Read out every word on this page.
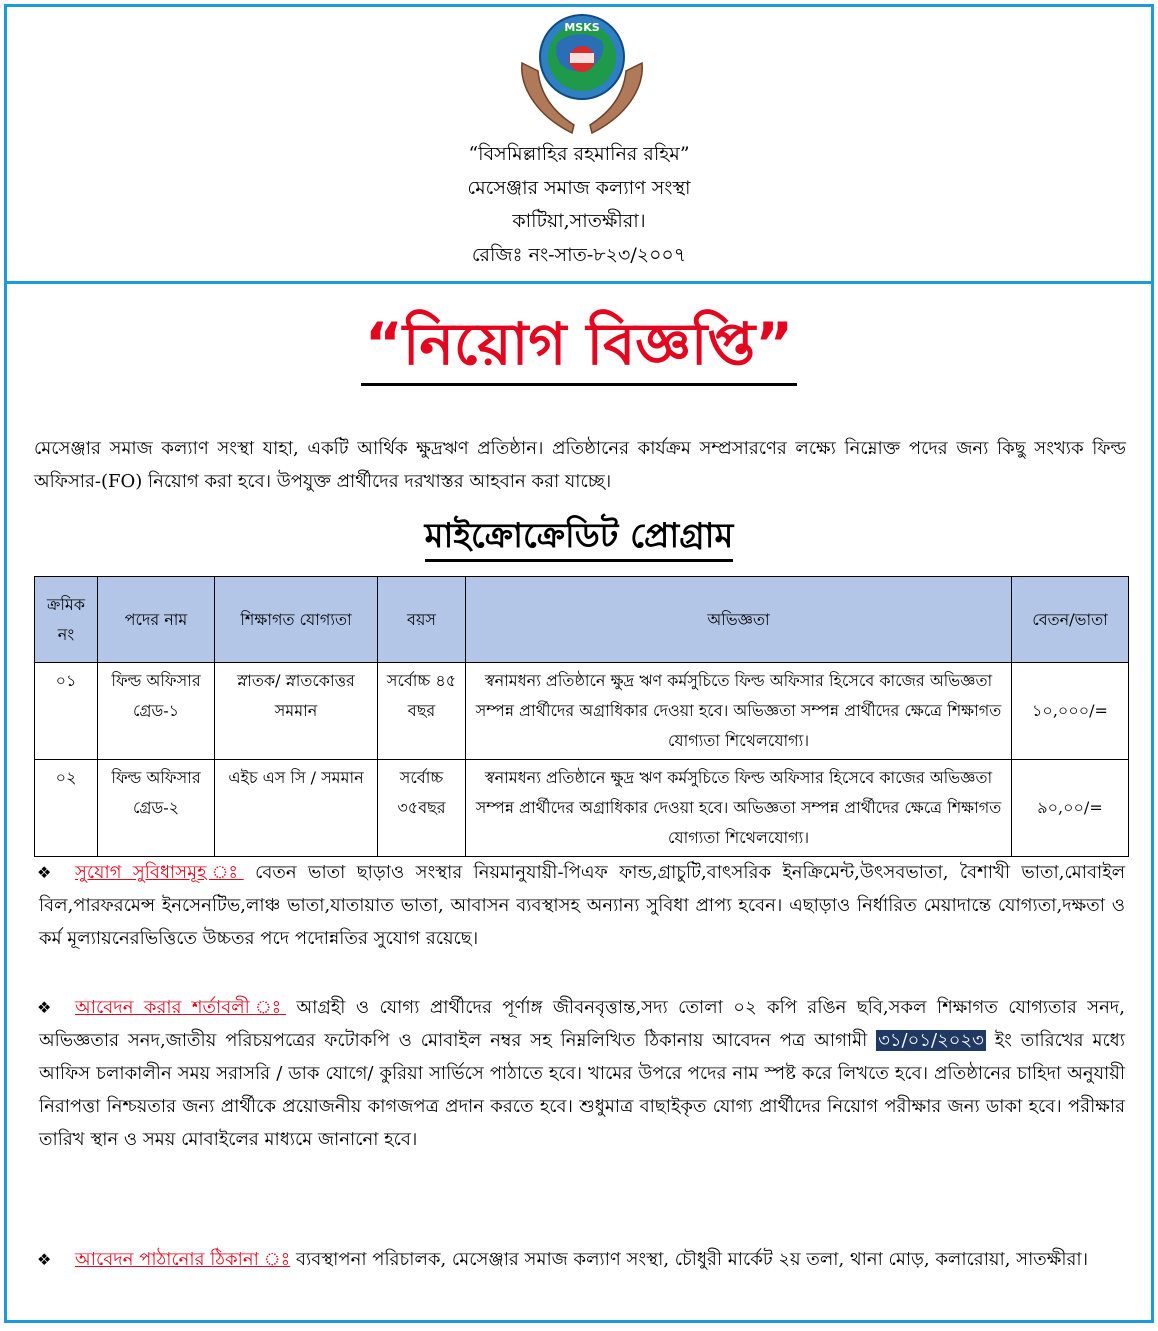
MSKS
“বিসমিল্লাহির রহমানির রহিম”
মেসেঞ্জার সমাজ কল্যাণ সংস্থা
কাটিয়া,সাতক্ষীরা।
রেজিঃ নং-সাত-৮২৩/২০০৭
“নিয়োগ বিজ্ঞপ্তি”
মেসেঞ্জার সমাজ কল্যাণ সংস্থা যাহা, একটি আর্থিক ক্ষুদ্রঋণ প্রতিষ্ঠান। প্রতিষ্ঠানের কার্যক্রম সম্প্রসারণের লক্ষ্যে নিম্নোক্ত পদের জন্য কিছু সংখ্যক ফিল্ড অফিসার-(FO) নিয়োগ করা হবে। উপযুক্ত প্রার্থীদের দরখাস্তর আহবান করা যাচ্ছে।
মাইক্রোক্রেডিট প্রোগ্রাম
ক্রমিক নং	পদের নাম	শিক্ষাগত যোগ্যতা	বয়স	অভিজ্ঞতা	বেতন/ভাতা
০১	ফিল্ড অফিসার গ্রেড-১	স্নাতক/ স্নাতকোত্তর সমমান	সর্বোচ্চ ৪৫ বছর	স্বনামধন্য প্রতিষ্ঠানে ক্ষুদ্র ঋণ কর্মসুচিতে ফিল্ড অফিসার হিসেবে কাজের অভিজ্ঞতা সম্পন্ন প্রার্থীদের অগ্রাধিকার দেওয়া হবে। অভিজ্ঞতা সম্পন্ন প্রার্থীদের ক্ষেত্রে শিক্ষাগত যোগ্যতা শিথেলযোগ্য।	১০,০০০/=
০২	ফিল্ড অফিসার গ্রেড-২	এইচ এস সি / সমমান	সর্বোচ্চ ৩৫বছর	স্বনামধন্য প্রতিষ্ঠানে ক্ষুদ্র ঋণ কর্মসুচিতে ফিল্ড অফিসার হিসেবে কাজের অভিজ্ঞতা সম্পন্ন প্রার্থীদের অগ্রাধিকার দেওয়া হবে। অভিজ্ঞতা সম্পন্ন প্রার্থীদের ক্ষেত্রে শিক্ষাগত যোগ্যতা শিথেলযোগ্য।	৯০,০০/=
❖	সুযোগ সুবিধাসমূহ ঃ বেতন ভাতা ছাড়াও সংস্থার নিয়মানুযায়ী-পিএফ ফান্ড,গ্রাচুটি,বাৎসরিক ইনক্রিমেন্ট,উৎসবভাতা, বৈশাখী ভাতা,মোবাইল বিল,পারফরমেন্স ইনসেনটিভ,লাঞ্চ ভাতা,যাতায়াত ভাতা, আবাসন ব্যবস্থাসহ অন্যান্য সুবিধা প্রাপ্য হবেন। এছাড়াও নির্ধারিত মেয়াদান্তে যোগ্যতা,দক্ষতা ও কর্ম মূল্যায়নেরভিত্তিতে উচ্চতর পদে পদোন্নতির সুযোগ রয়েছে।

❖	আবেদন করার শর্তাবলী ঃ আগ্রহী ও যোগ্য প্রার্থীদের পূর্ণাঙ্গ জীবনবৃত্তান্ত,সদ্য তোলা ০২ কপি রঙিন ছবি,সকল শিক্ষাগত যোগ্যতার সনদ, অভিজ্ঞতার সনদ,জাতীয় পরিচয়পত্রের ফটোকপি ও মোবাইল নম্বর সহ নিম্নলিখিত ঠিকানায় আবেদন পত্র আগামী ৩১/০১/২০২৩ ইং তারিখের মধ্যে আফিস চলাকালীন সময় সরাসরি / ডাক যোগে/ কুরিয়া সার্ভিসে পাঠাতে হবে। খামের উপরে পদের নাম স্পষ্ট করে লিখতে হবে। প্রতিষ্ঠানের চাহিদা অনুযায়ী নিরাপত্তা নিশ্চয়তার জন্য প্রার্থীকে প্রয়োজনীয় কাগজপত্র প্রদান করতে হবে। শুধুমাত্র বাছাইকৃত যোগ্য প্রার্থীদের নিয়োগ পরীক্ষার জন্য ডাকা হবে। পরীক্ষার তারিখ স্থান ও সময় মোবাইলের মাধ্যমে জানানো হবে।

❖	আবেদন পাঠানোর ঠিকানা ঃ ব্যবস্থাপনা পরিচালক, মেসেঞ্জার সমাজ কল্যাণ সংস্থা, চৌধুরী মার্কেট ২য় তলা, থানা মোড়, কলারোয়া, সাতক্ষীরা।
